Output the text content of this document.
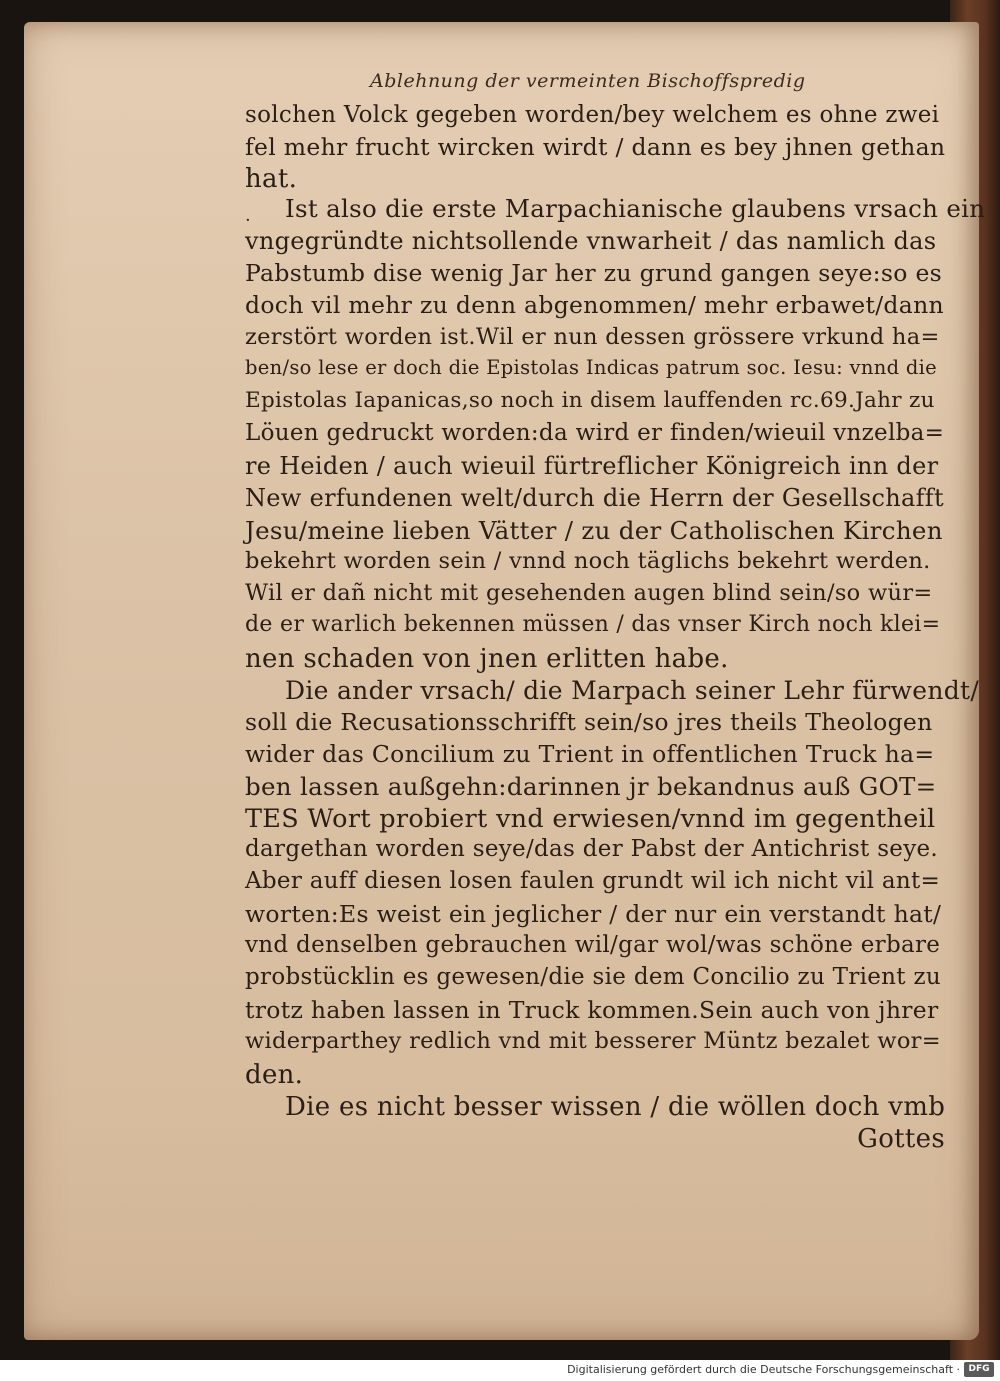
Ablehnung der vermeinten Bischoffspredig
·
solchen Volck gegeben worden/bey welchem es ohne zwei
fel mehr frucht wircken wirdt / dann es bey jhnen gethan
hat.
Ist also die erste Marpachianische glaubens vrsach ein
vngegründte nichtsollende vnwarheit / das namlich das
Pabstumb dise wenig Jar her zu grund gangen seye:so es
doch vil mehr zu denn abgenommen/ mehr erbawet/dann
zerstört worden ist.Wil er nun dessen grössere vrkund ha=
ben/so lese er doch die Epistolas Indicas patrum soc. Iesu: vnnd die
Epistolas Iapanicas,so noch in disem lauffenden rc.69.Jahr zu
Löuen gedruckt worden:da wird er finden/wieuil vnzelba=
re Heiden / auch wieuil fürtreflicher Königreich inn der
New erfundenen welt/durch die Herrn der Gesellschafft
Jesu/meine lieben Vätter / zu der Catholischen Kirchen
bekehrt worden sein / vnnd noch täglichs bekehrt werden.
Wil er dañ nicht mit gesehenden augen blind sein/so wür=
de er warlich bekennen müssen / das vnser Kirch noch klei=
nen schaden von jnen erlitten habe.
Die ander vrsach/ die Marpach seiner Lehr fürwendt/
soll die Recusationsschrifft sein/so jres theils Theologen
wider das Concilium zu Trient in offentlichen Truck ha=
ben lassen außgehn:darinnen jr bekandnus auß GOT=
TES Wort probiert vnd erwiesen/vnnd im gegentheil
dargethan worden seye/das der Pabst der Antichrist seye.
Aber auff diesen losen faulen grundt wil ich nicht vil ant=
worten:Es weist ein jeglicher / der nur ein verstandt hat/
vnd denselben gebrauchen wil/gar wol/was schöne erbare
probstücklin es gewesen/die sie dem Concilio zu Trient zu
trotz haben lassen in Truck kommen.Sein auch von jhrer
widerparthey redlich vnd mit besserer Müntz bezalet wor=
den.
Die es nicht besser wissen / die wöllen doch vmb
Gottes
Digitalisierung gefördert durch die Deutsche Forschungsgemeinschaft · DFG
